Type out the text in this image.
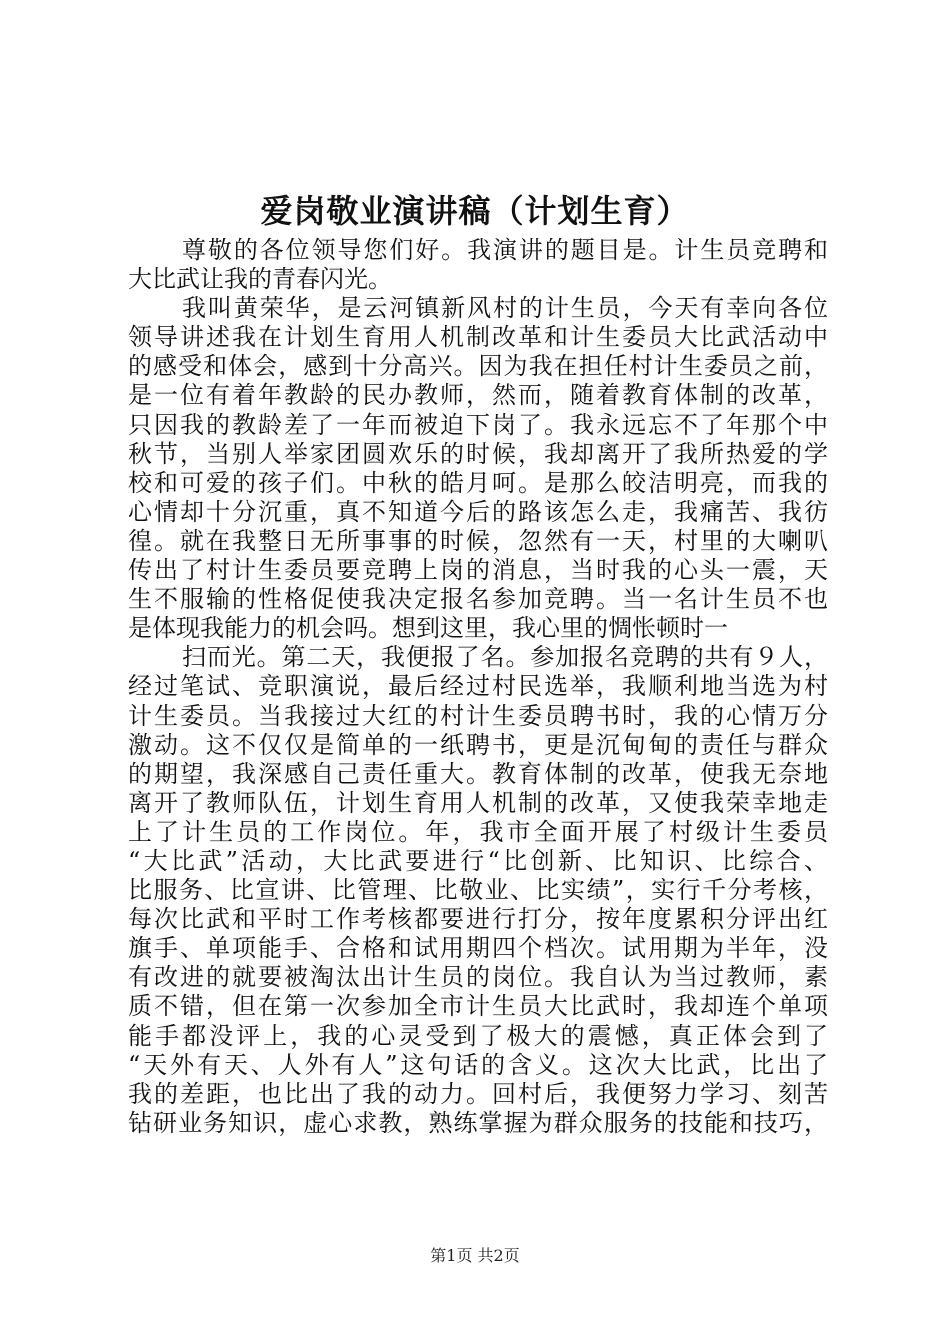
爱岗敬业演讲稿（计划生育）
尊敬的各位领导您们好。我演讲的题目是。计生员竞聘和
大比武让我的青春闪光。
我叫黄荣华，是云河镇新风村的计生员，今天有幸向各位
领导讲述我在计划生育用人机制改革和计生委员大比武活动中
的感受和体会，感到十分高兴。因为我在担任村计生委员之前，
是一位有着年教龄的民办教师，然而，随着教育体制的改革，
只因我的教龄差了一年而被迫下岗了。我永远忘不了年那个中
秋节，当别人举家团圆欢乐的时候，我却离开了我所热爱的学
校和可爱的孩子们。中秋的皓月呵。是那么皎洁明亮，而我的
心情却十分沉重，真不知道今后的路该怎么走，我痛苦、我彷
徨。就在我整日无所事事的时候，忽然有一天，村里的大喇叭
传出了村计生委员要竞聘上岗的消息，当时我的心头一震，天
生不服输的性格促使我决定报名参加竞聘。当一名计生员不也
是体现我能力的机会吗。想到这里，我心里的惆怅顿时一
扫而光。第二天，我便报了名。参加报名竞聘的共有９人，
经过笔试、竞职演说，最后经过村民选举，我顺利地当选为村
计生委员。当我接过大红的村计生委员聘书时，我的心情万分
激动。这不仅仅是简单的一纸聘书，更是沉甸甸的责任与群众
的期望，我深感自己责任重大。教育体制的改革，使我无奈地
离开了教师队伍，计划生育用人机制的改革，又使我荣幸地走
上了计生员的工作岗位。年，我市全面开展了村级计生委员
“大比武”活动，大比武要进行“比创新、比知识、比综合、
比服务、比宣讲、比管理、比敬业、比实绩”，实行千分考核，
每次比武和平时工作考核都要进行打分，按年度累积分评出红
旗手、单项能手、合格和试用期四个档次。试用期为半年，没
有改进的就要被淘汰出计生员的岗位。我自认为当过教师，素
质不错，但在第一次参加全市计生员大比武时，我却连个单项
能手都没评上，我的心灵受到了极大的震憾，真正体会到了
“天外有天、人外有人”这句话的含义。这次大比武，比出了
我的差距，也比出了我的动力。回村后，我便努力学习、刻苦
钻研业务知识，虚心求教，熟练掌握为群众服务的技能和技巧，
第1页 共2页
